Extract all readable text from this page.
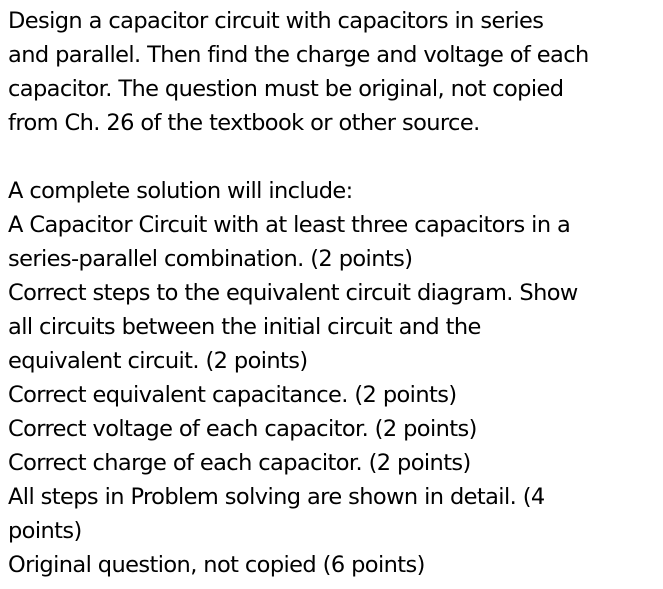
Design a capacitor circuit with capacitors in series
and parallel. Then find the charge and voltage of each
capacitor. The question must be original, not copied
from Ch. 26 of the textbook or other source.
A complete solution will include:
A Capacitor Circuit with at least three capacitors in a
series-parallel combination. (2 points)
Correct steps to the equivalent circuit diagram. Show
all circuits between the initial circuit and the
equivalent circuit. (2 points)
Correct equivalent capacitance. (2 points)
Correct voltage of each capacitor. (2 points)
Correct charge of each capacitor. (2 points)
All steps in Problem solving are shown in detail. (4
points)
Original question, not copied (6 points)
